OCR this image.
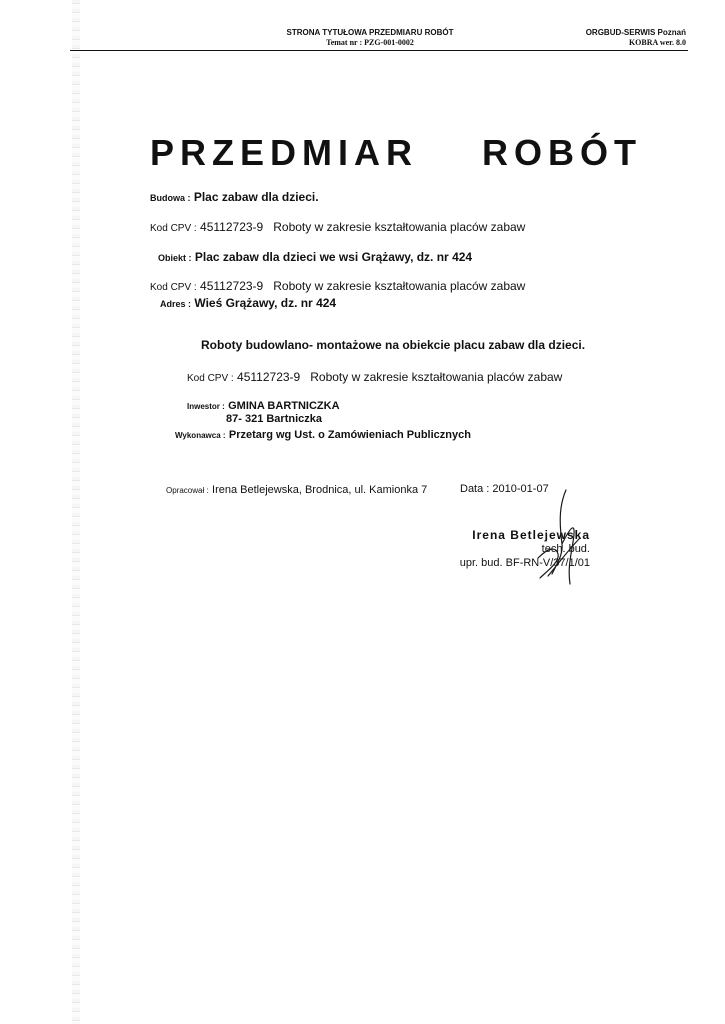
STRONA TYTUŁOWA PRZEDMIARU ROBÓT
Temat nr : PZG-001-0002
ORGBUD-SERWIS Poznań
KOBRA wer. 8.0
PRZEDMIAR    ROBÓT
Budowa : Plac zabaw dla dzieci.
Kod CPV : 45112723-9 Roboty w zakresie kształtowania placów zabaw
Obiekt : Plac zabaw dla dzieci we wsi Grążawy, dz. nr 424
Kod CPV : 45112723-9 Roboty w zakresie kształtowania placów zabaw
Adres : Wieś Grążawy, dz. nr 424
Roboty budowlano- montażowe na obiekcie placu zabaw dla dzieci.
Kod CPV : 45112723-9 Roboty w zakresie kształtowania placów zabaw
Inwestor : GMINA BARTNICZKA
87- 321 Bartniczka
Wykonawca : Przetarg wg Ust. o Zamówieniach Publicznych
Opracował : Irena Betlejewska, Brodnica, ul. Kamionka 7	Data : 2010-01-07
Irena Betlejewska
tech. bud.
upr. bud. BF-RN-V/37/1/01
